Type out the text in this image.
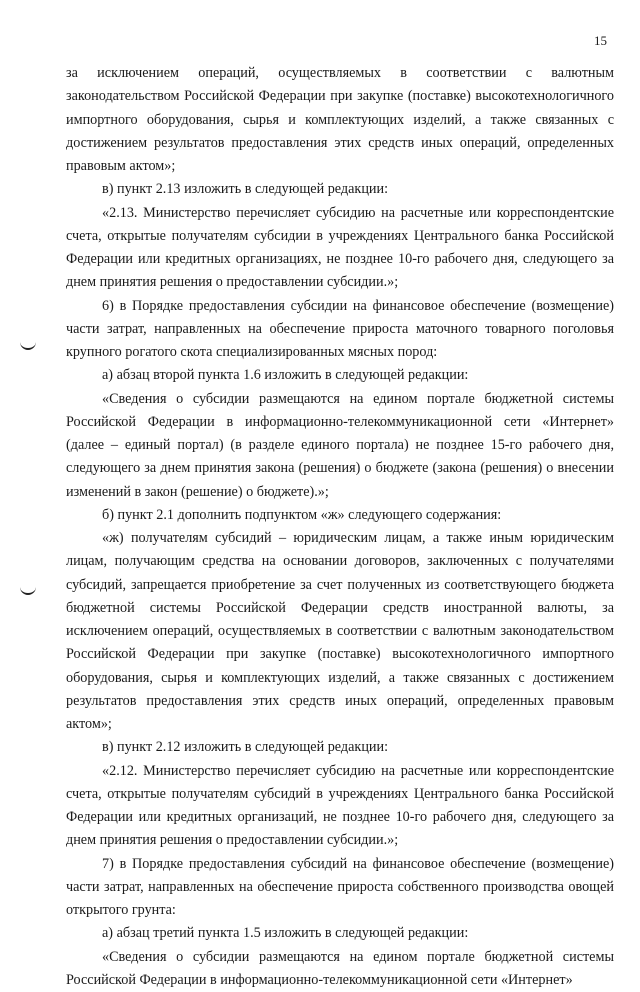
15

за исключением операций, осуществляемых в соответствии с валютным законодательством Российской Федерации при закупке (поставке) высокотехнологичного импортного оборудования, сырья и комплектующих изделий, а также связанных с достижением результатов предоставления этих средств иных операций, определенных правовым актом»;

в) пункт 2.13 изложить в следующей редакции:

«2.13. Министерство перечисляет субсидию на расчетные или корреспондентские счета, открытые получателям субсидии в учреждениях Центрального банка Российской Федерации или кредитных организациях, не позднее 10-го рабочего дня, следующего за днем принятия решения о предоставлении субсидии.»;

6) в Порядке предоставления субсидии на финансовое обеспечение (возмещение) части затрат, направленных на обеспечение прироста маточного товарного поголовья крупного рогатого скота специализированных мясных пород:

а) абзац второй пункта 1.6 изложить в следующей редакции:

«Сведения о субсидии размещаются на едином портале бюджетной системы Российской Федерации в информационно-телекоммуникационной сети «Интернет» (далее – единый портал) (в разделе единого портала) не позднее 15-го рабочего дня, следующего за днем принятия закона (решения) о бюджете (закона (решения) о внесении изменений в закон (решение) о бюджете).»;

б) пункт 2.1 дополнить подпунктом «ж» следующего содержания:

«ж) получателям субсидий – юридическим лицам, а также иным юридическим лицам, получающим средства на основании договоров, заключенных с получателями субсидий, запрещается приобретение за счет полученных из соответствующего бюджета бюджетной системы Российской Федерации средств иностранной валюты, за исключением операций, осуществляемых в соответствии с валютным законодательством Российской Федерации при закупке (поставке) высокотехнологичного импортного оборудования, сырья и комплектующих изделий, а также связанных с достижением результатов предоставления этих средств иных операций, определенных правовым актом»;

в) пункт 2.12 изложить в следующей редакции:

«2.12. Министерство перечисляет субсидию на расчетные или корреспондентские счета, открытые получателям субсидий в учреждениях Центрального банка Российской Федерации или кредитных организаций, не позднее 10-го рабочего дня, следующего за днем принятия решения о предоставлении субсидии.»;

7) в Порядке предоставления субсидий на финансовое обеспечение (возмещение) части затрат, направленных на обеспечение прироста собственного производства овощей открытого грунта:

а) абзац третий пункта 1.5 изложить в следующей редакции:

«Сведения о субсидии размещаются на едином портале бюджетной системы Российской Федерации в информационно-телекоммуникационной сети «Интернет»
